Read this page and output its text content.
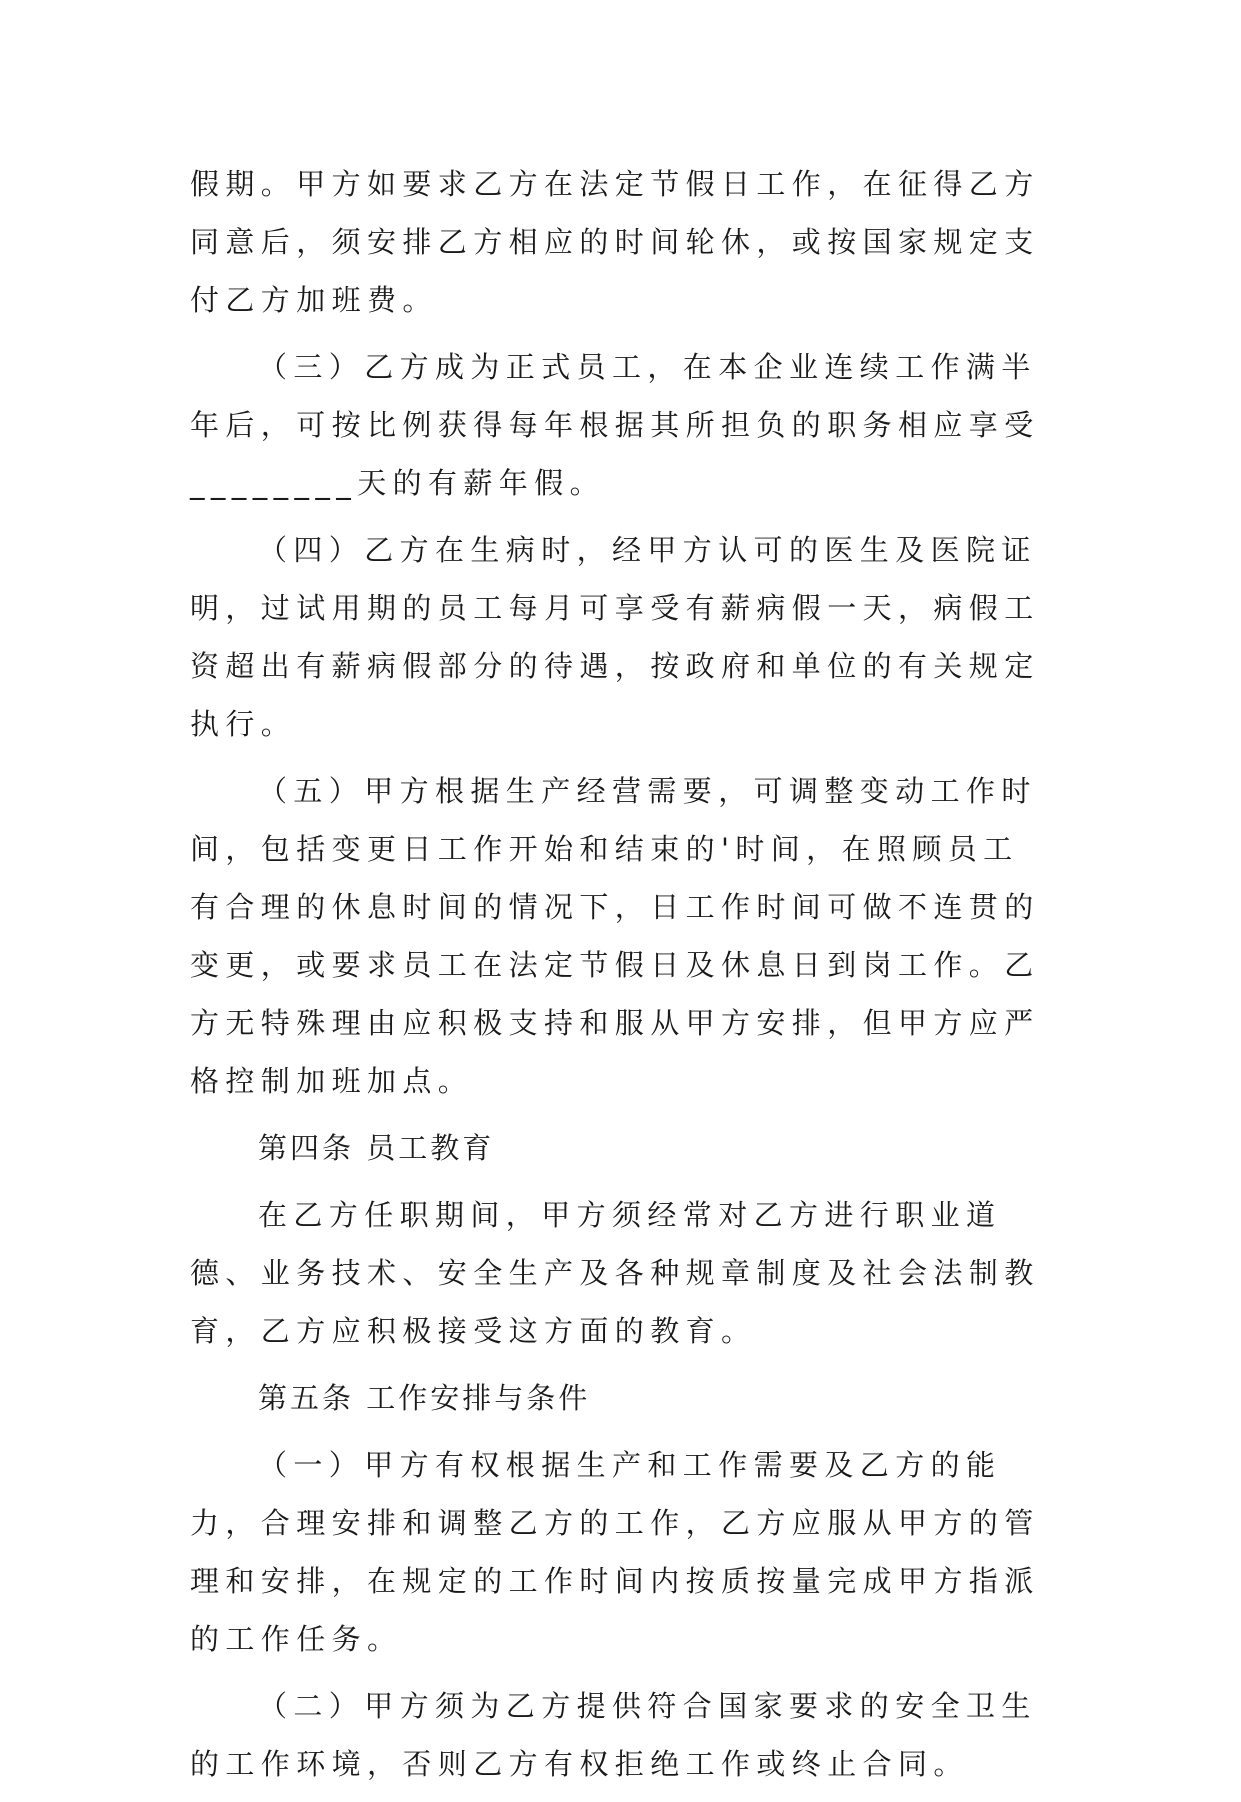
假期。甲方如要求乙方在法定节假日工作，在征得乙方同意后，须安排乙方相应的时间轮休，或按国家规定支付乙方加班费。

（三）乙方成为正式员工，在本企业连续工作满半年后，可按比例获得每年根据其所担负的职务相应享受________天的有薪年假。

（四）乙方在生病时，经甲方认可的医生及医院证明，过试用期的员工每月可享受有薪病假一天，病假工资超出有薪病假部分的待遇，按政府和单位的有关规定执行。

（五）甲方根据生产经营需要，可调整变动工作时间，包括变更日工作开始和结束的'时间，在照顾员工有合理的休息时间的情况下，日工作时间可做不连贯的变更，或要求员工在法定节假日及休息日到岗工作。乙方无特殊理由应积极支持和服从甲方安排，但甲方应严格控制加班加点。

第四条 员工教育

在乙方任职期间，甲方须经常对乙方进行职业道德、业务技术、安全生产及各种规章制度及社会法制教育，乙方应积极接受这方面的教育。

第五条 工作安排与条件

（一）甲方有权根据生产和工作需要及乙方的能力，合理安排和调整乙方的工作，乙方应服从甲方的管理和安排，在规定的工作时间内按质按量完成甲方指派的工作任务。

（二）甲方须为乙方提供符合国家要求的安全卫生的工作环境，否则乙方有权拒绝工作或终止合同。
